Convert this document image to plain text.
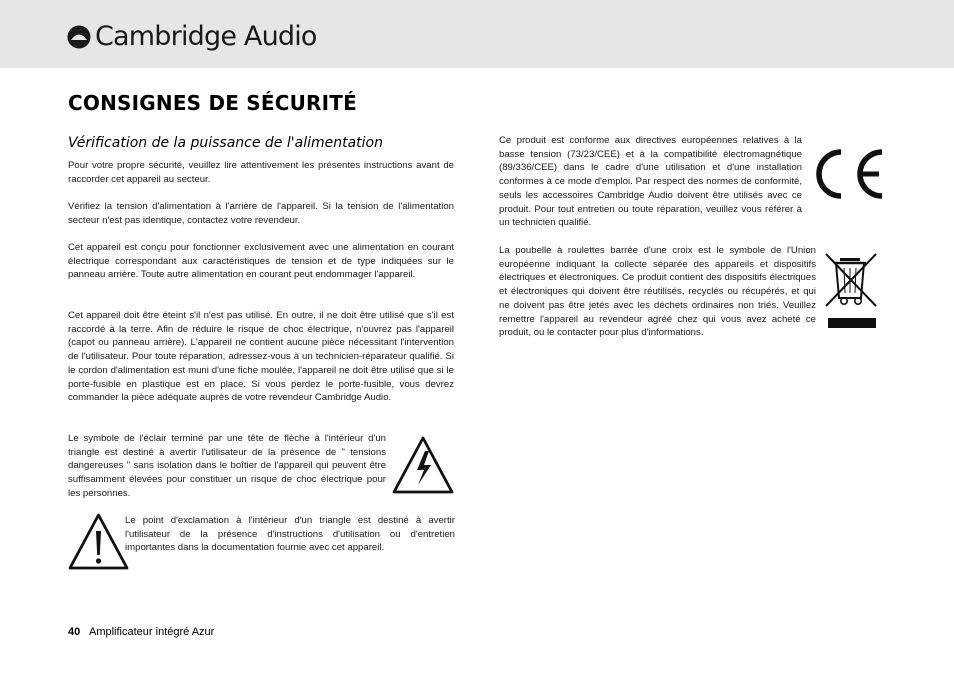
Cambridge Audio
CONSIGNES DE SÉCURITÉ
Vérification de la puissance de l'alimentation

Pour votre propre sécurité, veuillez lire attentivement les présentes instructions avant de raccorder cet appareil au secteur.

Vérifiez la tension d'alimentation à l'arrière de l'appareil. Si la tension de l'alimentation secteur n'est pas identique, contactez votre revendeur.

Cet appareil est conçu pour fonctionner exclusivement avec une alimentation en courant électrique correspondant aux caractéristiques de tension et de type indiquées sur le panneau arrière. Toute autre alimentation en courant peut endommager l'appareil.

Cet appareil doit être éteint s'il n'est pas utilisé. En outre, il ne doit être utilisé que s'il est raccordé à la terre. Afin de réduire le risque de choc électrique, n'ouvrez pas l'appareil (capot ou panneau arrière). L'appareil ne contient aucune pièce nécessitant l'intervention de l'utilisateur. Pour toute réparation, adressez-vous à un technicien-réparateur qualifié. Si le cordon d'alimentation est muni d'une fiche moulée, l'appareil ne doit être utilisé que si le porte-fusible en plastique est en place. Si vous perdez le porte-fusible, vous devrez commander la pièce adéquate auprès de votre revendeur Cambridge Audio.

Le symbole de l'éclair terminé par une tête de flèche à l'intérieur d'un triangle est destiné à avertir l'utilisateur de la présence de " tensions dangereuses " sans isolation dans le boîtier de l'appareil qui peuvent être suffisamment élevées pour constituer un risque de choc électrique pour les personnes.

Le point d'exclamation à l'intérieur d'un triangle est destiné à avertir l'utilisateur de la présence d'instructions d'utilisation ou d'entretien importantes dans la documentation fournie avec cet appareil.

Ce produit est conforme aux directives européennes relatives à la basse tension (73/23/CEE) et à la compatibilité électromagnétique (89/336/CEE) dans le cadre d'une utilisation et d'une installation conformes à ce mode d'emploi. Par respect des normes de conformité, seuls les accessoires Cambridge Audio doivent être utilisés avec ce produit. Pour tout entretien ou toute réparation, veuillez vous référer à un technicien qualifié.

La poubelle à roulettes barrée d'une croix est le symbole de l'Union européenne indiquant la collecte séparée des appareils et dispositifs électriques et électroniques. Ce produit contient des dispositifs électriques et électroniques qui doivent être réutilisés, recyclés ou récupérés, et qui ne doivent pas être jetés avec les déchets ordinaires non triés. Veuillez remettre l'appareil au revendeur agréé chez qui vous avez acheté ce produit, ou le contacter pour plus d'informations.

40 Amplificateur intégré Azur
